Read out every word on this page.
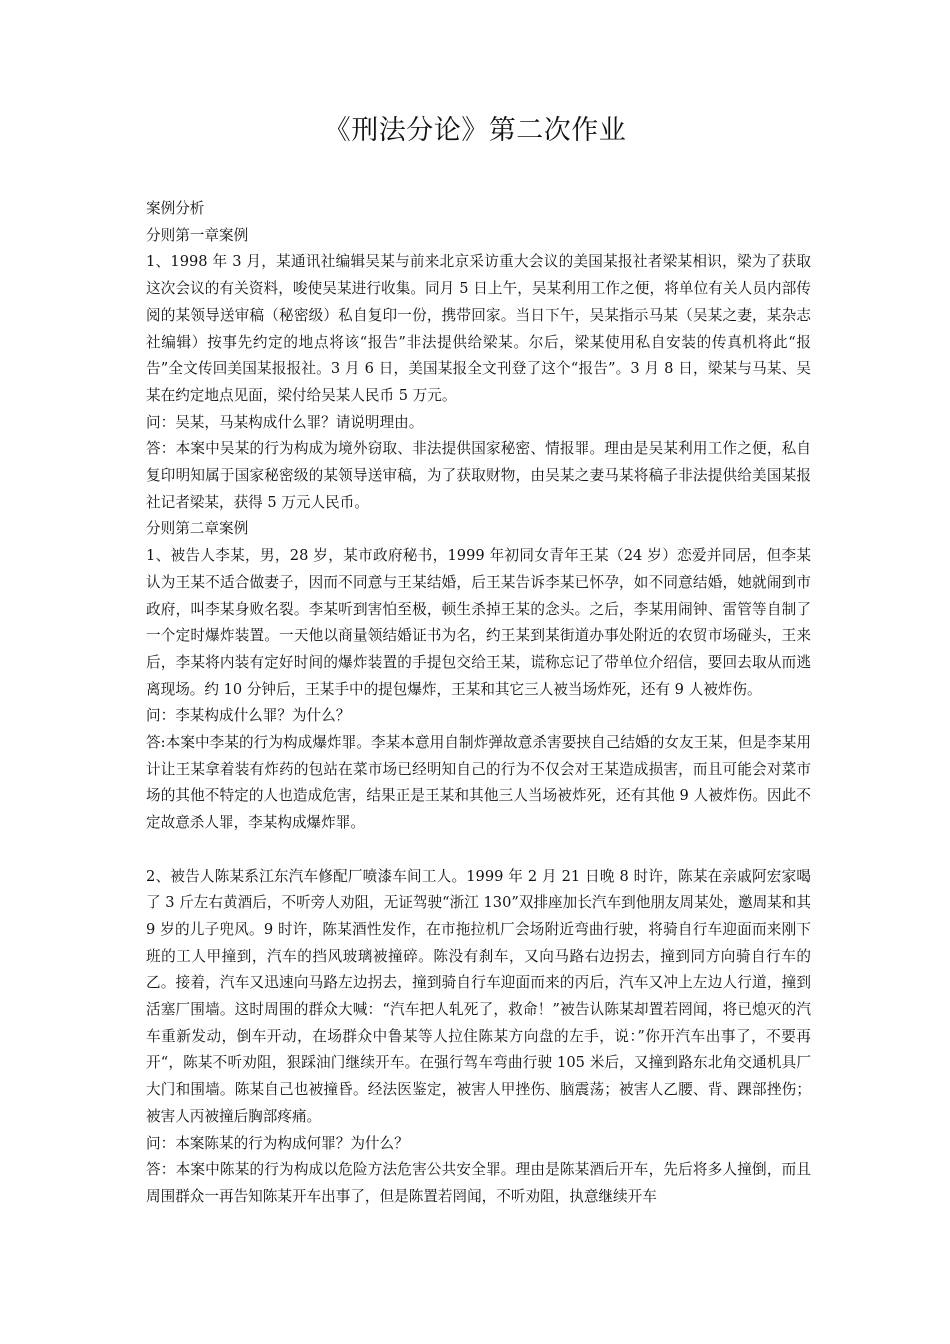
《刑法分论》第二次作业

案例分析

分则第一章案例

1、1998 年 3 月，某通讯社编辑吴某与前来北京采访重大会议的美国某报社者梁某相识，梁为了获取这次会议的有关资料，唆使吴某进行收集。同月 5 日上午，吴某利用工作之便，将单位有关人员内部传阅的某领导送审稿（秘密级）私自复印一份，携带回家。当日下午，吴某指示马某（吴某之妻，某杂志社编辑）按事先约定的地点将该“报告”非法提供给梁某。尔后，梁某使用私自安装的传真机将此“报告”全文传回美国某报报社。3 月 6 日，美国某报全文刊登了这个“报告”。3 月 8 日，梁某与马某、吴某在约定地点见面，梁付给吴某人民币 5 万元。

问：吴某，马某构成什么罪？请说明理由。

答：本案中吴某的行为构成为境外窃取、非法提供国家秘密、情报罪。理由是吴某利用工作之便，私自复印明知属于国家秘密级的某领导送审稿，为了获取财物，由吴某之妻马某将稿子非法提供给美国某报社记者梁某，获得 5 万元人民币。

分则第二章案例

1、被告人李某，男，28 岁，某市政府秘书，1999 年初同女青年王某（24 岁）恋爱并同居，但李某认为王某不适合做妻子，因而不同意与王某结婚，后王某告诉李某已怀孕，如不同意结婚，她就闹到市政府，叫李某身败名裂。李某听到害怕至极，顿生杀掉王某的念头。之后，李某用闹钟、雷管等自制了一个定时爆炸装置。一天他以商量领结婚证书为名，约王某到某街道办事处附近的农贸市场碰头，王来后，李某将内装有定好时间的爆炸装置的手提包交给王某，谎称忘记了带单位介绍信，要回去取从而逃离现场。约 10 分钟后，王某手中的提包爆炸，王某和其它三人被当场炸死，还有 9 人被炸伤。

问：李某构成什么罪？为什么？

答:本案中李某的行为构成爆炸罪。李某本意用自制炸弹故意杀害要挟自己结婚的女友王某，但是李某用计让王某拿着装有炸药的包站在菜市场已经明知自己的行为不仅会对王某造成损害，而且可能会对菜市场的其他不特定的人也造成危害，结果正是王某和其他三人当场被炸死，还有其他 9 人被炸伤。因此不定故意杀人罪，李某构成爆炸罪。

2、被告人陈某系江东汽车修配厂喷漆车间工人。1999 年 2 月 21 日晚 8 时许，陈某在亲戚阿宏家喝了 3 斤左右黄酒后，不听旁人劝阻，无证驾驶“浙江 130”双排座加长汽车到他朋友周某处，邀周某和其 9 岁的儿子兜风。9 时许，陈某酒性发作，在市拖拉机厂会场附近弯曲行驶，将骑自行车迎面而来刚下班的工人甲撞到，汽车的挡风玻璃被撞碎。陈没有刹车，又向马路右边拐去，撞到同方向骑自行车的乙。接着，汽车又迅速向马路左边拐去，撞到骑自行车迎面而来的丙后，汽车又冲上左边人行道，撞到活塞厂围墙。这时周围的群众大喊：“汽车把人轧死了，救命！”被告认陈某却置若罔闻，将已熄灭的汽车重新发动，倒车开动，在场群众中鲁某等人拉住陈某方向盘的左手，说：”你开汽车出事了，不要再开“，陈某不听劝阻，狠踩油门继续开车。在强行驾车弯曲行驶 105 米后，又撞到路东北角交通机具厂大门和围墙。陈某自己也被撞昏。经法医鉴定，被害人甲挫伤、脑震荡；被害人乙腰、背、踝部挫伤；被害人丙被撞后胸部疼痛。

问：本案陈某的行为构成何罪？为什么？

答：本案中陈某的行为构成以危险方法危害公共安全罪。理由是陈某酒后开车，先后将多人撞倒，而且周围群众一再告知陈某开车出事了，但是陈置若罔闻，不听劝阻，执意继续开车
